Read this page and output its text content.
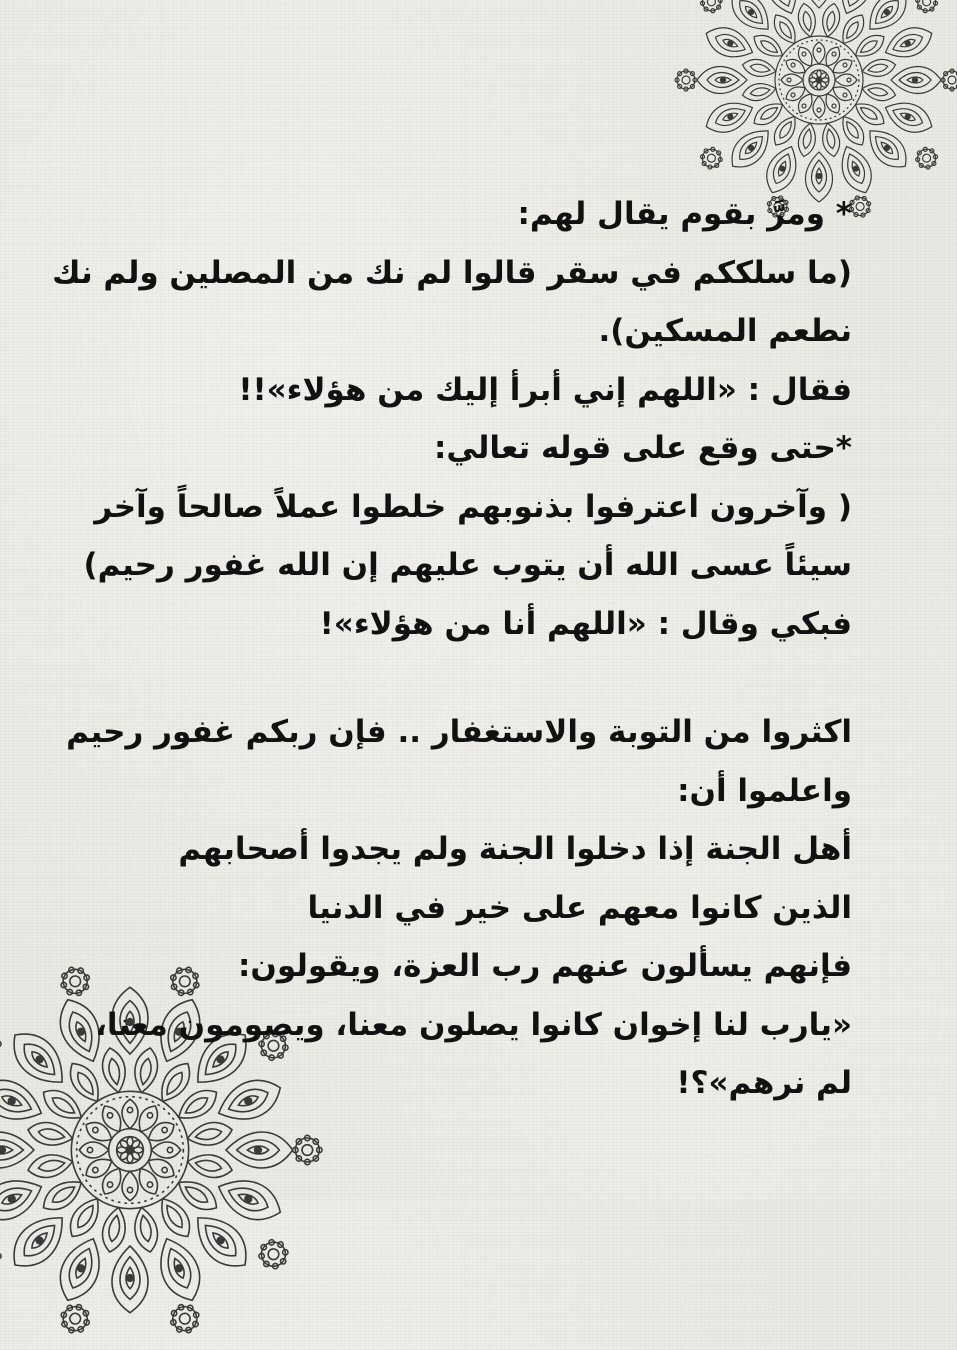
* ومرَّ بقوم يقال لهم:
(ما سلككم في سقر قالوا لم نك من المصلين ولم نك
نطعم المسكين).
فقال : «اللهم إني أبرأ إليك من هؤلاء»!!
*حتى وقع على قوله تعالي:
( وآخرون اعترفوا بذنوبهم خلطوا عملاً صالحاً وآخر
سيئاً عسى الله أن يتوب عليهم إن الله غفور رحيم)
فبكي وقال : «اللهم أنا من هؤلاء»!
اكثروا من التوبة والاستغفار .. فإن ربكم غفور رحيم
واعلموا أن:
أهل الجنة إذا دخلوا الجنة ولم يجدوا أصحابهم
الذين كانوا معهم على خير في الدنيا
فإنهم يسألون عنهم رب العزة، ويقولون:
«يارب لنا إخوان كانوا يصلون معنا، ويصومون معنا،
لم نرهم»؟!
